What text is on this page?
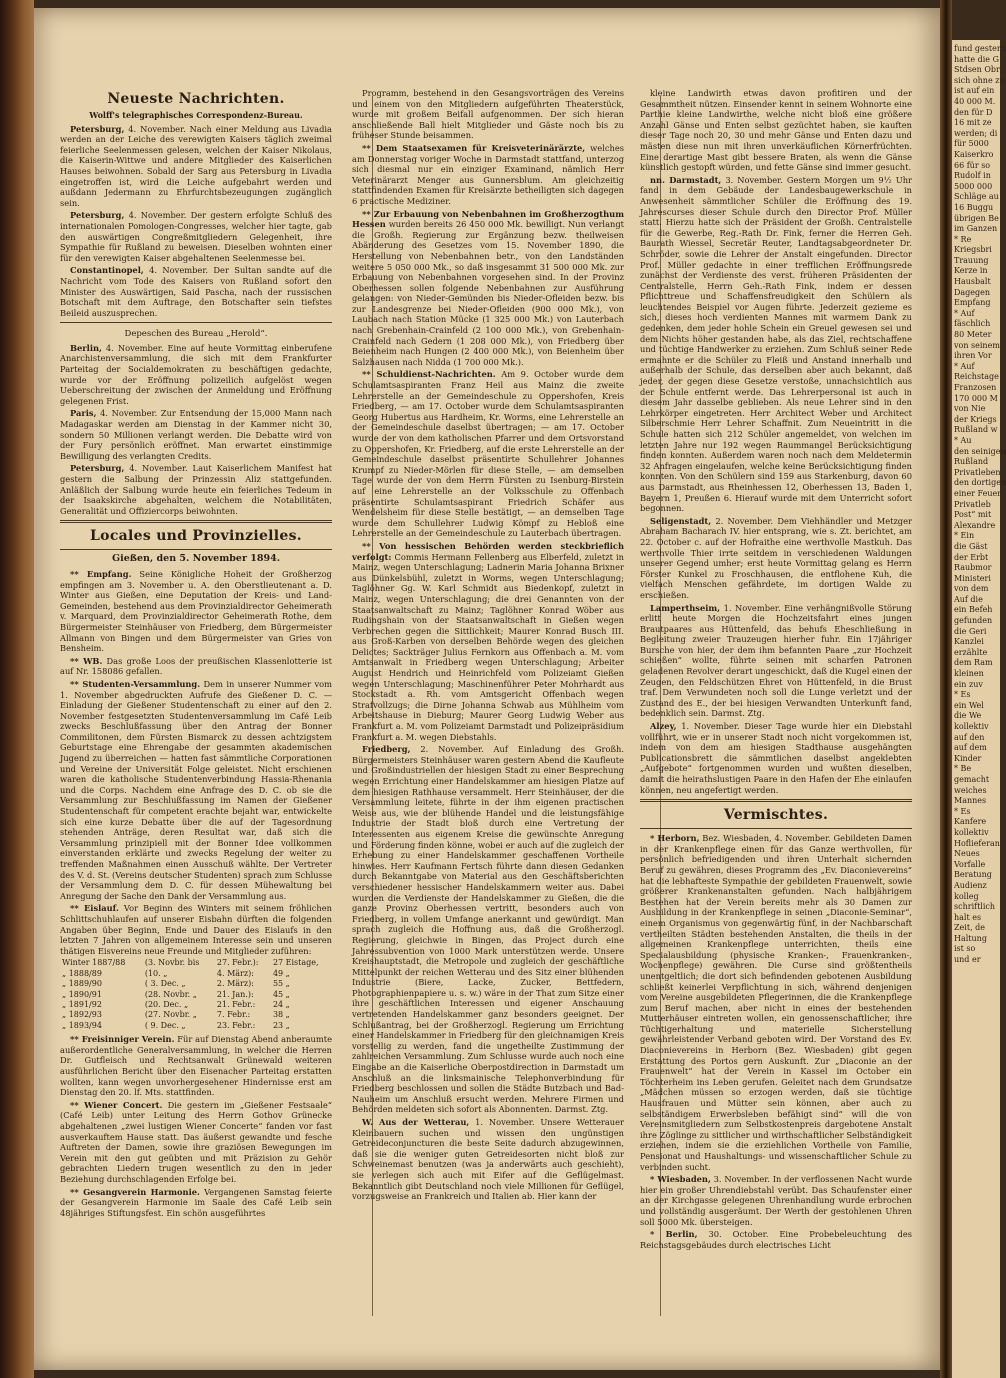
fund gestern
hatte die G
Stdsen Obr
sich ohne zu
ist auf ein
40 000 M.
den für D
16 mit ze
werden; di
für 5000
Kaiserkro
66 für so
Rudolf in
5000 000
Schläge au
16 Buggu
übrigen Be
im Ganzen
* Re
Kriegsbri
Trauung
Kerze in
Hausbalt
Dagegen
Empfang
* Auf
fäschlich
80 Meter
von seinem
ihren Vor
* Auf
Reichstage
Franzosen
170 000 M
von Nie
der Kriegs
Rußland w
* Au
den seinigen
Rußland
Privatleben
den dortigen
einer Feuer
Privatleb
Post“ mit
Alexandre
* Ein
die Gäst
der Erbt
Raubmor
Ministeri
von dem
Auf die
ein Befeh
gefunden
die Geri
Kanzlei
erzählte
dem Ram
kleinen
ein zuv
* Es
ein Wel
die We
kollektiv
auf den
auf dem
Kinder
* Be
gemacht
weiches
Mannes
* Es
Kanfere
kollektiv
Hoflieferan
Neues
Vorfalle
Beratung
Audienz
kolleg
schriftlich
halt es
Zeit, de
Haltung
ist so
und er
Neueste Nachrichten.
Wolff's telegraphisches Correspondenz-Bureau.

Petersburg, 4. November. Nach einer Meldung aus Livadia werden an der Leiche des verewigten Kaisers täglich zweimal feierliche Seelenmessen gelesen, welchen der Kaiser Nikolaus, die Kaiserin-Wittwe und andere Mitglieder des Kaiserlichen Hauses beiwohnen. Sobald der Sarg aus Petersburg in Livadia eingetroffen ist, wird die Leiche aufgebahrt werden und außdann Jedermann zu Ehrfurchtsbezeugungen zugänglich sein.

Petersburg, 4. November. Der gestern erfolgte Schluß des internationalen Pomologen-Congresses, welcher hier tagte, gab den auswärtigen Congreßmitgliedern Gelegenheit, ihre Sympathie für Rußland zu beweisen. Dieselben wohnten einer für den verewigten Kaiser abgehaltenen Seelenmesse bei.

Constantinopel, 4. November. Der Sultan sandte auf die Nachricht vom Tode des Kaisers von Rußland sofort den Minister des Auswärtigen, Said Pascha, nach der russischen Botschaft mit dem Auftrage, den Botschafter sein tiefstes Beileid auszusprechen.

Depeschen des Bureau „Herold“.

Berlin, 4. November. Eine auf heute Vormittag einberufene Anarchistenversammlung, die sich mit dem Frankfurter Parteitag der Socialdemokraten zu beschäftigen gedachte, wurde vor der Eröffnung polizeilich aufgelöst wegen Ueberschreitung der zwischen der Anmeldung und Eröffnung gelegenen Frist.

Paris, 4. November. Zur Entsendung der 15,000 Mann nach Madagaskar werden am Dienstag in der Kammer nicht 30, sondern 50 Millionen verlangt werden. Die Debatte wird von der Fury persönlich eröffnet. Man erwartet einstimmige Bewilligung des verlangten Credits.

Petersburg, 4. November. Laut Kaiserlichem Manifest hat gestern die Salbung der Prinzessin Aliz stattgefunden. Anläßlich der Salbung wurde heute ein feierliches Tedeum in der Isaakskirche abgehalten, welchem die Notabilitäten, Generalität und Offiziercorps beiwohnten.

Locales und Provinzielles.
Gießen, den 5. November 1894.

** Empfang. Seine Königliche Hoheit der Großherzog empfingen am 3. November u. A. den Oberstlieutenant a. D. Winter aus Gießen, eine Deputation der Kreis- und Land-Gemeinden, bestehend aus dem Provinzialdirector Geheimerath v. Marquard, dem Provinzialdirector Geheimerath Rothe, dem Bürgermeister Steinhäuser von Friedberg, dem Bürgermeister Allmann von Bingen und dem Bürgermeister van Gries von Bensheim.

** WB. Das große Loos der preußischen Klassenlotterie ist auf Nr. 158086 gefallen.

** Studenten-Versammlung. Dem in unserer Nummer vom 1. November abgedruckten Aufrufe des Gießener D. C. — Einladung der Gießener Studentenschaft zu einer auf den 2. November festgesetzten Studentenversammlung im Café Leib zwecks Beschlußfassung über den Antrag der Bonner Commilitonen, dem Fürsten Bismarck zu dessen achtzigstem Geburtstage eine Ehrengabe der gesammten akademischen Jugend zu überreichen — hatten fast sämmtliche Corporationen und Vereine der Universität Folge geleistet. Nicht erschienen waren die katholische Studentenverbindung Hassia-Rhenania und die Corps. Nachdem eine Anfrage des D. C. ob sie die Versammlung zur Beschlußfassung im Namen der Gießener Studentenschaft für competent erachte bejaht war, entwickelte sich eine kurze Debatte über die auf der Tagesordnung stehenden Anträge, deren Resultat war, daß sich die Versammlung prinzipiell mit der Bonner Idee vollkommen einverstanden erklärte und zwecks Regelung der weiter zu treffenden Maßnahmen einen Ausschuß wählte. Der Vertreter des V. d. St. (Vereins deutscher Studenten) sprach zum Schlusse der Versammlung dem D. C. für dessen Mühewaltung bei Anregung der Sache den Dank der Versammlung aus.

** Eislauf. Vor Beginn des Winters mit seinem fröhlichen Schlittschuhlaufen auf unserer Eisbahn dürften die folgenden Angaben über Beginn, Ende und Dauer des Eislaufs in den letzten 7 Jahren von allgemeinem Interesse sein und unseren thätigen Eisvereins neue Freunde und Mitglieder zuführen:

Winter 1887/88	(3. Novbr. bis	27. Febr.):	27 Eistage,
„ 1888/89	(10. „	4. März):	49 „
„ 1889/90	( 3. Dec. „	2. März):	55 „
„ 1890/91	(28. Novbr. „	21. Jan.):	45 „
„ 1891/92	(20. Dec. „	21. Febr.:	24 „
„ 1892/93	(27. Novbr. „	7. Febr.:	38 „
„ 1893/94	( 9. Dec. „	23. Febr.:	23 „

** Freisinniger Verein. Für auf Dienstag Abend anberaumte außerordentliche Generalversammlung, in welcher die Herren Dr. Gutfleisch und Rechtsanwalt Grünewald weiteren ausführlichen Bericht über den Eisenacher Parteitag erstatten wollten, kann wegen unvorhergesehener Hindernisse erst am Dienstag den 20. lf. Mts. stattfinden.

** Wiener Concert. Die gestern im „Gießener Festsaale“ (Café Leib) unter Leitung des Herrn Gothov Grünecke abgehaltenen „zwei lustigen Wiener Concerte“ fanden vor fast ausverkauftem Hause statt. Das äußerst gewandte und fesche Auftreten der Damen, sowie ihre graziösen Bewegungen im Verein mit den gut geübten und mit Präzision zu Gehör gebrachten Liedern trugen wesentlich zu den in jeder Beziehung durchschlagenden Erfolge bei.

** Gesangverein Harmonie. Vergangenen Samstag feierte der Gesangverein Harmonie im Saale des Café Leib sein 48jähriges Stiftungsfest. Ein schön ausgeführtes

Programm, bestehend in den Gesangsvorträgen des Vereins und einem von den Mitgliedern aufgeführten Theaterstück, wurde mit großem Beifall aufgenommen. Der sich hieran anschließende Ball hielt Mitglieder und Gäste noch bis zu früheser Stunde beisammen.

** Dem Staatsexamen für Kreisveterinärärzte, welches am Donnerstag voriger Woche in Darmstadt stattfand, unterzog sich diesmal nur ein einziger Examinand, nämlich Herr Veterinärarzt Menger aus Gunnersblum. Am gleichzeitig stattfindenden Examen für Kreisärzte betheiligten sich dagegen 6 practische Mediziner.

** Zur Erbauung von Nebenbahnen im Großherzogthum Hessen wurden bereits 26 450 000 Mk. bewilligt. Nun verlangt die Großh. Regierung zur Ergänzung bezw. theilweisen Abänderung des Gesetzes vom 15. November 1890, die Herstellung von Nebenbahnen betr., von den Landständen weitere 5 050 000 Mk., so daß insgesammt 31 500 000 Mk. zur Erbauung von Nebenbahnen vorgesehen sind. In der Provinz Oberhessen sollen folgende Nebenbahnen zur Ausführung gelangen: von Nieder-Gemünden bis Nieder-Ofleiden bezw. bis zur Landesgrenze bei Nieder-Ofleiden (900 000 Mk.), von Laubach nach Station Mücke (1 325 000 Mk.) von Lauterbach nach Grebenhain-Crainfeld (2 100 000 Mk.), von Grebenhain-Crainfeld nach Gedern (1 208 000 Mk.), von Friedberg über Beienheim nach Hungen (2 400 000 Mk.), von Beienheim über Salzhausen nach Nidda (1 700 000 Mk.).

** Schuldienst-Nachrichten. Am 9. October wurde dem Schulamtsaspiranten Franz Heil aus Mainz die zweite Lehrerstelle an der Gemeindeschule zu Oppershofen, Kreis Friedberg, — am 17. October wurde dem Schulamtsaspiranten Georg Hubertus aus Hardheim, Kr. Worms, eine Lehrerstelle an der Gemeindeschule daselbst übertragen; — am 17. October wurde der von dem katholischen Pfarrer und dem Ortsvorstand zu Oppershofen, Kr. Friedberg, auf die erste Lehrerstelle an der Gemeindeschule daselbst präsentirte Schullehrer Johannes Krumpf zu Nieder-Mörlen für diese Stelle, — am demselben Tage wurde der von dem Herrn Fürsten zu Isenburg-Birstein auf eine Lehrerstelle an der Volksschule zu Offenbach präsentirte Schulamtsaspirant Friedrich Schäfer aus Wendelsheim für diese Stelle bestätigt, — an demselben Tage wurde dem Schullehrer Ludwig Kömpf zu Hebloß eine Lehrerstelle an der Gemeindeschule zu Lauterbach übertragen.

** Von hessischen Behörden werden steckbrieflich verfolgt: Commis Hermann Fellenberg aus Elberfeld, zuletzt in Mainz, wegen Unterschlagung; Ladnerin Maria Johanna Brixner aus Dünkelsbühl, zuletzt in Worms, wegen Unterschlagung; Taglöhner Gg. W. Karl Schmidt aus Biedenkopf, zuletzt in Mainz, wegen Unterschlagung; die drei Genannten von der Staatsanwaltschaft zu Mainz; Taglöhner Konrad Wöber aus Rudingshain von der Staatsanwaltschaft in Gießen wegen Verbrechen gegen die Sittlichkeit; Maurer Konrad Busch III. aus Groß-Karben von derselben Behörde wegen des gleichen Delictes; Sackträger Julius Fernkorn aus Offenbach a. M. vom Amtsanwalt in Friedberg wegen Unterschlagung; Arbeiter August Hendrich und Heinrichfeld vom Polizeiamt Gießen wegen Unterschlagung; Maschinenführer Peter Mohrhardt aus Stockstadt a. Rh. vom Amtsgericht Offenbach wegen Strafvollzugs; die Dirne Johanna Schwab aus Mühlheim vom Arbeitshause in Dieburg; Maurer Georg Ludwig Weber aus Frankfurt a. M. vom Polizeiamt Darmstadt und Polizeipräsidium Frankfurt a. M. wegen Diebstahls.

Friedberg, 2. November. Auf Einladung des Großh. Bürgermeisters Steinhäuser waren gestern Abend die Kaufleute und Großindustriellen der hiesigen Stadt zu einer Besprechung wegen Errichtung einer Handelskammer am hiesigen Platze auf dem hiesigen Rathhause versammelt. Herr Steinhäuser, der die Versammlung leitete, führte in der ihm eigenen practischen Weise aus, wie der blühende Handel und die leistungsfähige Industrie der Stadt bloß durch eine Vertretung der Interessenten aus eigenem Kreise die gewünschte Anregung und Förderung finden könne, wobei er auch auf die zugleich der Erhebung zu einer Handelskammer geschaffenen Vortheile hinwies. Herr Kaufmann Fertsch führte dann diesen Gedanken durch Bekanntgabe von Material aus den Geschäftsberichten verschiedener hessischer Handelskammern weiter aus. Dabei wurden die Verdienste der Handelskammer zu Gießen, die die ganze Provinz Oberhessen vertritt, besonders auch von Friedberg, in vollem Umfange anerkannt und gewürdigt. Man sprach zugleich die Hoffnung aus, daß die Großherzogl. Regierung, gleichwie in Bingen, das Project durch eine Jahressubvention von 1000 Mark unterstützen werde. Unsere Kreishauptstadt, die Metropole und zugleich der geschäftliche Mittelpunkt der reichen Wetterau und des Sitz einer blühenden Industrie (Biere, Lacke, Zucker, Bettfedern, Photographienpapiere u. s. w.) wäre in der That zum Sitze einer ihre geschäftlichen Interessen und eigener Anschauung vertretenden Handelskammer ganz besonders geeignet. Der Schlußantrag, bei der Großherzogl. Regierung um Errichtung einer Handelskammer in Friedberg für den gleichnamigen Kreis vorstellig zu werden, fand die ungetheilte Zustimmung der zahlreichen Versammlung. Zum Schlusse wurde auch noch eine Eingabe an die Kaiserliche Oberpostdirection in Darmstadt um Anschluß an die linksmainische Telephonverbindung für Friedberg beschlossen und sollen die Städte Butzbach und Bad-Nauheim um Anschluß ersucht werden. Mehrere Firmen und Behörden meldeten sich sofort als Abonnenten. Darmst. Ztg.

W. Aus der Wetterau, 1. November. Unsere Wetterauer Kleinbauern suchen und wissen den ungünstigen Getreideconjuncturen die beste Seite dadurch abzugewinnen, daß sie die weniger guten Getreidesorten nicht bloß zur Schweinemast benutzen (was ja anderwärts auch geschieht), sie verlegen sich auch mit Eifer auf die Geflügelmast. Bekanntlich gibt Deutschland noch viele Millionen für Geflügel, vorzugsweise an Frankreich und Italien ab. Hier kann der

kleine Landwirth etwas davon profitiren und der Gesammtheit nützen. Einsender kennt in seinem Wohnorte eine Parthie kleine Landwirthe, welche nicht bloß eine größere Anzahl Gänse und Enten selbst gezüchtet haben, sie kauften dieser Tage noch 20, 30 und mehr Gänse und Enten dazu und mästen diese nun mit ihren unverkäuflichen Körnerfrüchten. Eine derartige Mast gibt bessere Braten, als wenn die Gänse künstlich gestopft würden, und fette Gänse sind immer gesucht.

nn. Darmstadt, 3. November. Gestern Morgen um 9½ Uhr fand in dem Gebäude der Landesbaugewerkschule in Anwesenheit sämmtlicher Schüler die Eröffnung des 19. Jahrescurses dieser Schule durch den Director Prof. Müller statt. Hierzu hatte sich der Präsident der Großh. Centralstelle für die Gewerbe, Reg.-Rath Dr. Fink, ferner die Herren Geh. Baurath Wiessel, Secretär Reuter, Landtagsabgeordneter Dr. Schröder, sowie die Lehrer der Anstalt eingefunden. Director Prof. Müller gedachte in einer trefflichen Eröffnungsrede zunächst der Verdienste des verst. früheren Präsidenten der Centralstelle, Herrn Geh.-Rath Fink, indem er dessen Pflichttreue und Schaffensfreudigkeit den Schülern als leuchtendes Beispiel vor Augen führte. Jederzeit gezieme es sich, dieses hoch verdienten Mannes mit warmem Dank zu gedenken, dem jeder hohle Schein ein Greuel gewesen sei und dem Nichts höher gestanden habe, als das Ziel, rechtschaffene und tüchtige Handwerker zu erziehen. Zum Schluß seiner Rede ermahnte er die Schüler zu Fleiß und Anstand innerhalb und außerhalb der Schule, das derselben aber auch bekannt, daß jeder, der gegen diese Gesetze verstoße, unnachsichtlich aus der Schule entfernt werde. Das Lehrerpersonal ist auch in diesem Jahr dasselbe geblieben. Als neue Lehrer sind in den Lehrkörper eingetreten. Herr Architect Weber und Architect Silberschmie Herr Lehrer Schaffnit. Zum Neueintritt in die Schule hatten sich 212 Schüler angemeldet, von welchen im letzten Jahre nur 192 wegen Raummangel Berücksichtigung finden konnten. Außerdem waren noch nach dem Meldetermin 32 Anfragen eingelaufen, welche keine Berücksichtigung finden konnten. Von den Schülern sind 159 aus Starkenburg, davon 60 aus Darmstadt, aus Rheinhessen 12, Oberhessen 13, Baden 1, Bayern 1, Preußen 6. Hierauf wurde mit dem Unterricht sofort begonnen.

Seligenstadt, 2. November. Dem Viehhändler und Metzger Abraham Bacharach IV. hier entsprang, wie s. Zt. berichtet, am 22. October c. auf der Hofraithe eine werthvolle Mastkuh. Das werthvolle Thier irrte seitdem in verschiedenen Waldungen unserer Gegend umher; erst heute Vormittag gelang es Herrn Förster Kunkel zu Froschhausen, die entflohene Kuh, die vielfach Menschen gefährdete, im dortigen Walde zu erschießen.

Lamperthseim, 1. November. Eine verhängnißvolle Störung erlitt heute Morgen die Hochzeitsfahrt eines jungen Brautpaares aus Hüttenfeld, das behufs Eheschließung in Begleitung zweier Trauzeugen hierher fuhr. Ein 17jähriger Bursche von hier, der dem ihm befannten Paare „zur Hochzeit schießen“ wollte, führte seinen mit scharfen Patronen geladenen Revolver derart ungeschickt, daß die Kugel einen der Zeugen, den Feldschützen Ehret von Hüttenfeld, in die Brust traf. Dem Verwundeten noch soll die Lunge verletzt und der Zustand des E., der bei hiesigen Verwandten Unterkunft fand, bedenklich sein. Darmst. Ztg.

Alzey, 1. November. Dieser Tage wurde hier ein Diebstahl vollführt, wie er in unserer Stadt noch nicht vorgekommen ist, indem von dem am hiesigen Stadthause ausgehängten Publicationsbrett die sämmtlichen daselbst angeklebten „Aufgebote“ fortgenommen wurden und wußten dieselben, damit die heirathslustigen Paare in den Hafen der Ehe einlaufen können, neu angefertigt werden.

Vermischtes.

* Herborn, Bez. Wiesbaden, 4. November. Gebildeten Damen in der Krankenpflege einen für das Ganze werthvollen, für persönlich befriedigenden und ihren Unterhalt sichernden Beruf zu gewähren, dieses Programm des „Ev. Diaconievereins“ hat die lebhafteste Sympathie der gebildeten Frauenwelt, sowie größerer Krankenanstalten gefunden. Nach halbjährigem Bestehen hat der Verein bereits mehr als 30 Damen zur Ausbildung in der Krankenpflege in seinen „Diaconie-Seminar“, einem Organismus von gegenwärtig fünf, in der Nachbarschaft vertheilten Städten bestehenden Anstalten, die theils in der allgemeinen Krankenpflege unterrichten, theils eine Specialausbildung (physische Kranken-, Frauenkranken-, Wochenpflege) gewähren. Die Curse sind größtentheils unentgeltlich; die dort sich befindenden gebotenen Ausbildung schließt keinerlei Verpflichtung in sich, während denjenigen vom Vereine ausgebildeten Pflegerinnen, die die Krankenpflege zum Beruf machen, aber nicht in eines der bestehenden Mutterhäuser eintreten wollen, ein genossenschaftlicher, ihre Tüchtigerhaltung und materielle Sicherstellung gewährleistender Verband geboten wird. Der Vorstand des Ev. Diaconievereins in Herborn (Bez. Wiesbaden) gibt gegen Erstattung des Portos gern Auskunft. Zur „Diaconie an der Frauenwelt“ hat der Verein in Kassel im October ein Töchterheim ins Leben gerufen. Geleitet nach dem Grundsatze „Mädchen müssen so erzogen werden, daß sie tüchtige Hausfrauen und Mütter sein können, aber auch zu selbständigem Erwerbsleben befähigt sind“ will die von Vereinsmitgliedern zum Selbstkostenpreis dargebotene Anstalt ihre Zöglinge zu sittlicher und wirthschaftlicher Selbständigkeit erziehen, indem sie die erziehlichen Vortheile von Familie, Pensionat und Haushaltungs- und wissenschaftlicher Schule zu verbinden sucht.

* Wiesbaden, 3. November. In der verflossenen Nacht wurde hier ein großer Uhrendiebstahl verübt. Das Schaufenster einer an der Kirchgasse gelegenen Uhrenhandlung wurde erbrochen und vollständig ausgeräumt. Der Werth der gestohlenen Uhren soll 5000 Mk. übersteigen.

* Berlin, 30. October. Eine Probebeleuchtung des Reichstagsgebäudes durch electrisches Licht
